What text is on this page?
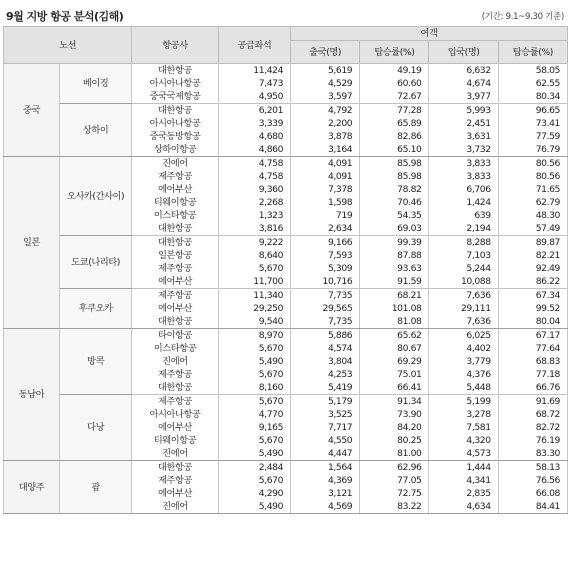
9월 지방 항공 분석(김해)	(기간: 9.1~9.30 기준)
노선		항공사	공급좌석	여객			
				출국(명)	탑승률(%)	입국(명)	탑승률(%)
중국	베이징	대한항공	11,424	5,619	49.19	6,632	58.05
		아시아나항공	7,473	4,529	60.60	4,674	62.55
		중국국제항공	4,950	3,597	72.67	3,977	80.34
	상하이	대한항공	6,201	4,792	77.28	5,993	96.65
		아시아나항공	3,339	2,200	65.89	2,451	73.41
		중국동방항공	4,680	3,878	82.86	3,631	77.59
		상하이항공	4,860	3,164	65.10	3,732	76.79
일본	오사카(간사이)	진에어	4,758	4,091	85.98	3,833	80.56
		제주항공	4,758	4,091	85.98	3,833	80.56
		에어부산	9,360	7,378	78.82	6,706	71.65
		티웨이항공	2,268	1,598	70.46	1,424	62.79
		이스타항공	1,323	719	54.35	639	48.30
		대한항공	3,816	2,634	69.03	2,194	57.49
	도쿄(나리타)	대한항공	9,222	9,166	99.39	8,288	89.87
		일본항공	8,640	7,593	87.88	7,103	82.21
		제주항공	5,670	5,309	93.63	5,244	92.49
		에어부산	11,700	10,716	91.59	10,088	86.22
	후쿠오카	제주항공	11,340	7,735	68.21	7,636	67.34
		에어부산	29,250	29,565	101.08	29,111	99.52
		대한항공	9,540	7,735	81.08	7,636	80.04
동남아	방콕	타이항공	8,970	5,886	65.62	6,025	67.17
		이스타항공	5,670	4,574	80.67	4,402	77.64
		진에어	5,490	3,804	69.29	3,779	68.83
		제주항공	5,670	4,253	75.01	4,376	77.18
		대한항공	8,160	5,419	66.41	5,448	66.76
	다낭	제주항공	5,670	5,179	91.34	5,199	91.69
		아시아나항공	4,770	3,525	73.90	3,278	68.72
		에어부산	9,165	7,717	84.20	7,581	82.72
		티웨이항공	5,670	4,550	80.25	4,320	76.19
		진에어	5,490	4,447	81.00	4,573	83.30
대양주	괌	대한항공	2,484	1,564	62.96	1,444	58.13
		제주항공	5,670	4,369	77.05	4,341	76.56
		에어부산	4,290	3,121	72.75	2,835	66.08
		진에어	5,490	4,569	83.22	4,634	84.41
